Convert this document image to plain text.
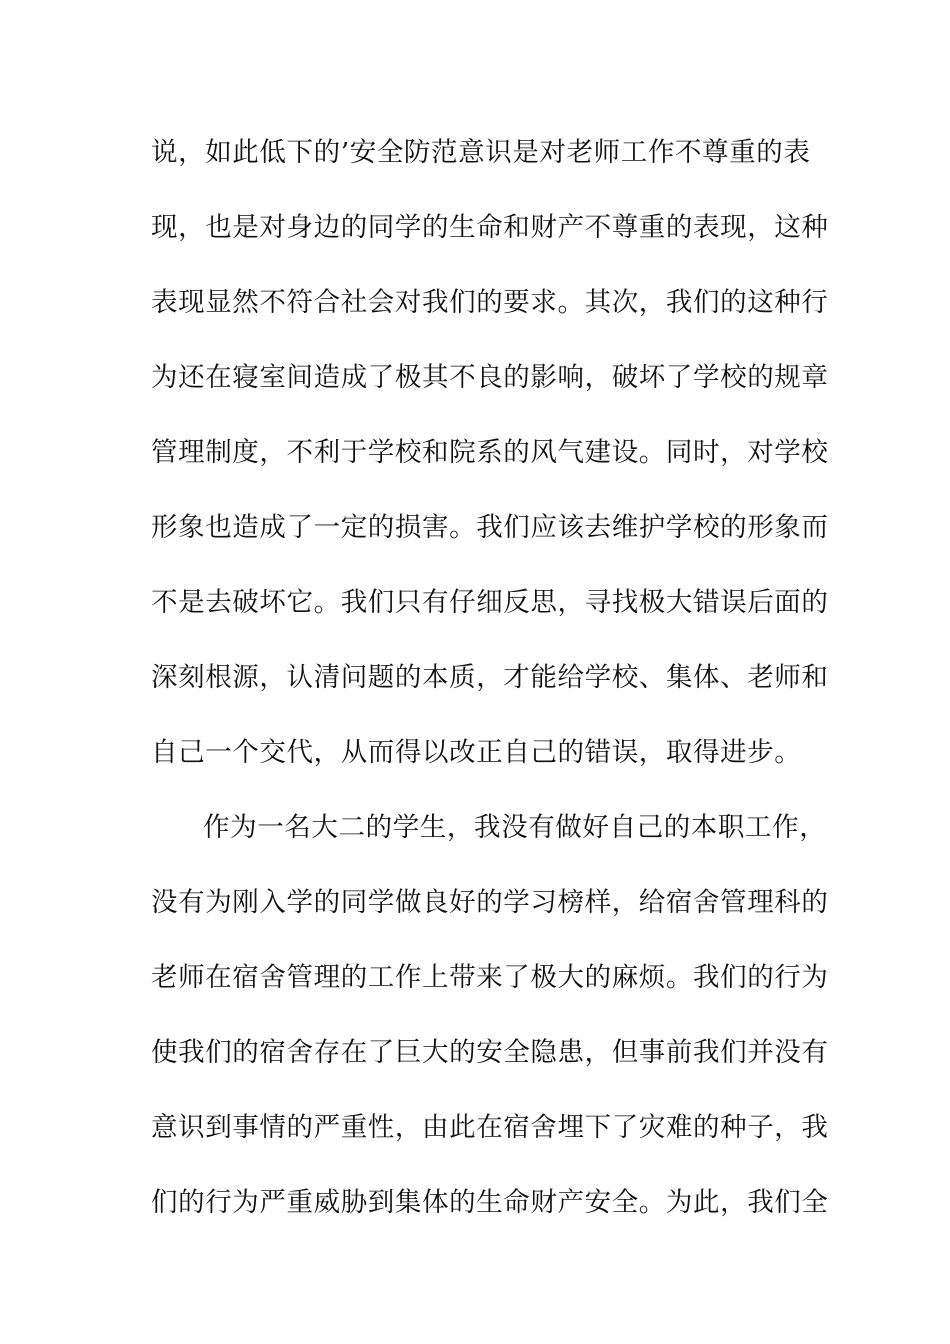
说，如此低下的’安全防范意识是对老师工作不尊重的表
现，也是对身边的同学的生命和财产不尊重的表现，这种
表现显然不符合社会对我们的要求。其次，我们的这种行
为还在寝室间造成了极其不良的影响，破坏了学校的规章
管理制度，不利于学校和院系的风气建设。同时，对学校
形象也造成了一定的损害。我们应该去维护学校的形象而
不是去破坏它。我们只有仔细反思，寻找极大错误后面的
深刻根源，认清问题的本质，才能给学校、集体、老师和
自己一个交代，从而得以改正自己的错误，取得进步。
作为一名大二的学生，我没有做好自己的本职工作，
没有为刚入学的同学做良好的学习榜样，给宿舍管理科的
老师在宿舍管理的工作上带来了极大的麻烦。我们的行为
使我们的宿舍存在了巨大的安全隐患，但事前我们并没有
意识到事情的严重性，由此在宿舍埋下了灾难的种子，我
们的行为严重威胁到集体的生命财产安全。为此，我们全
